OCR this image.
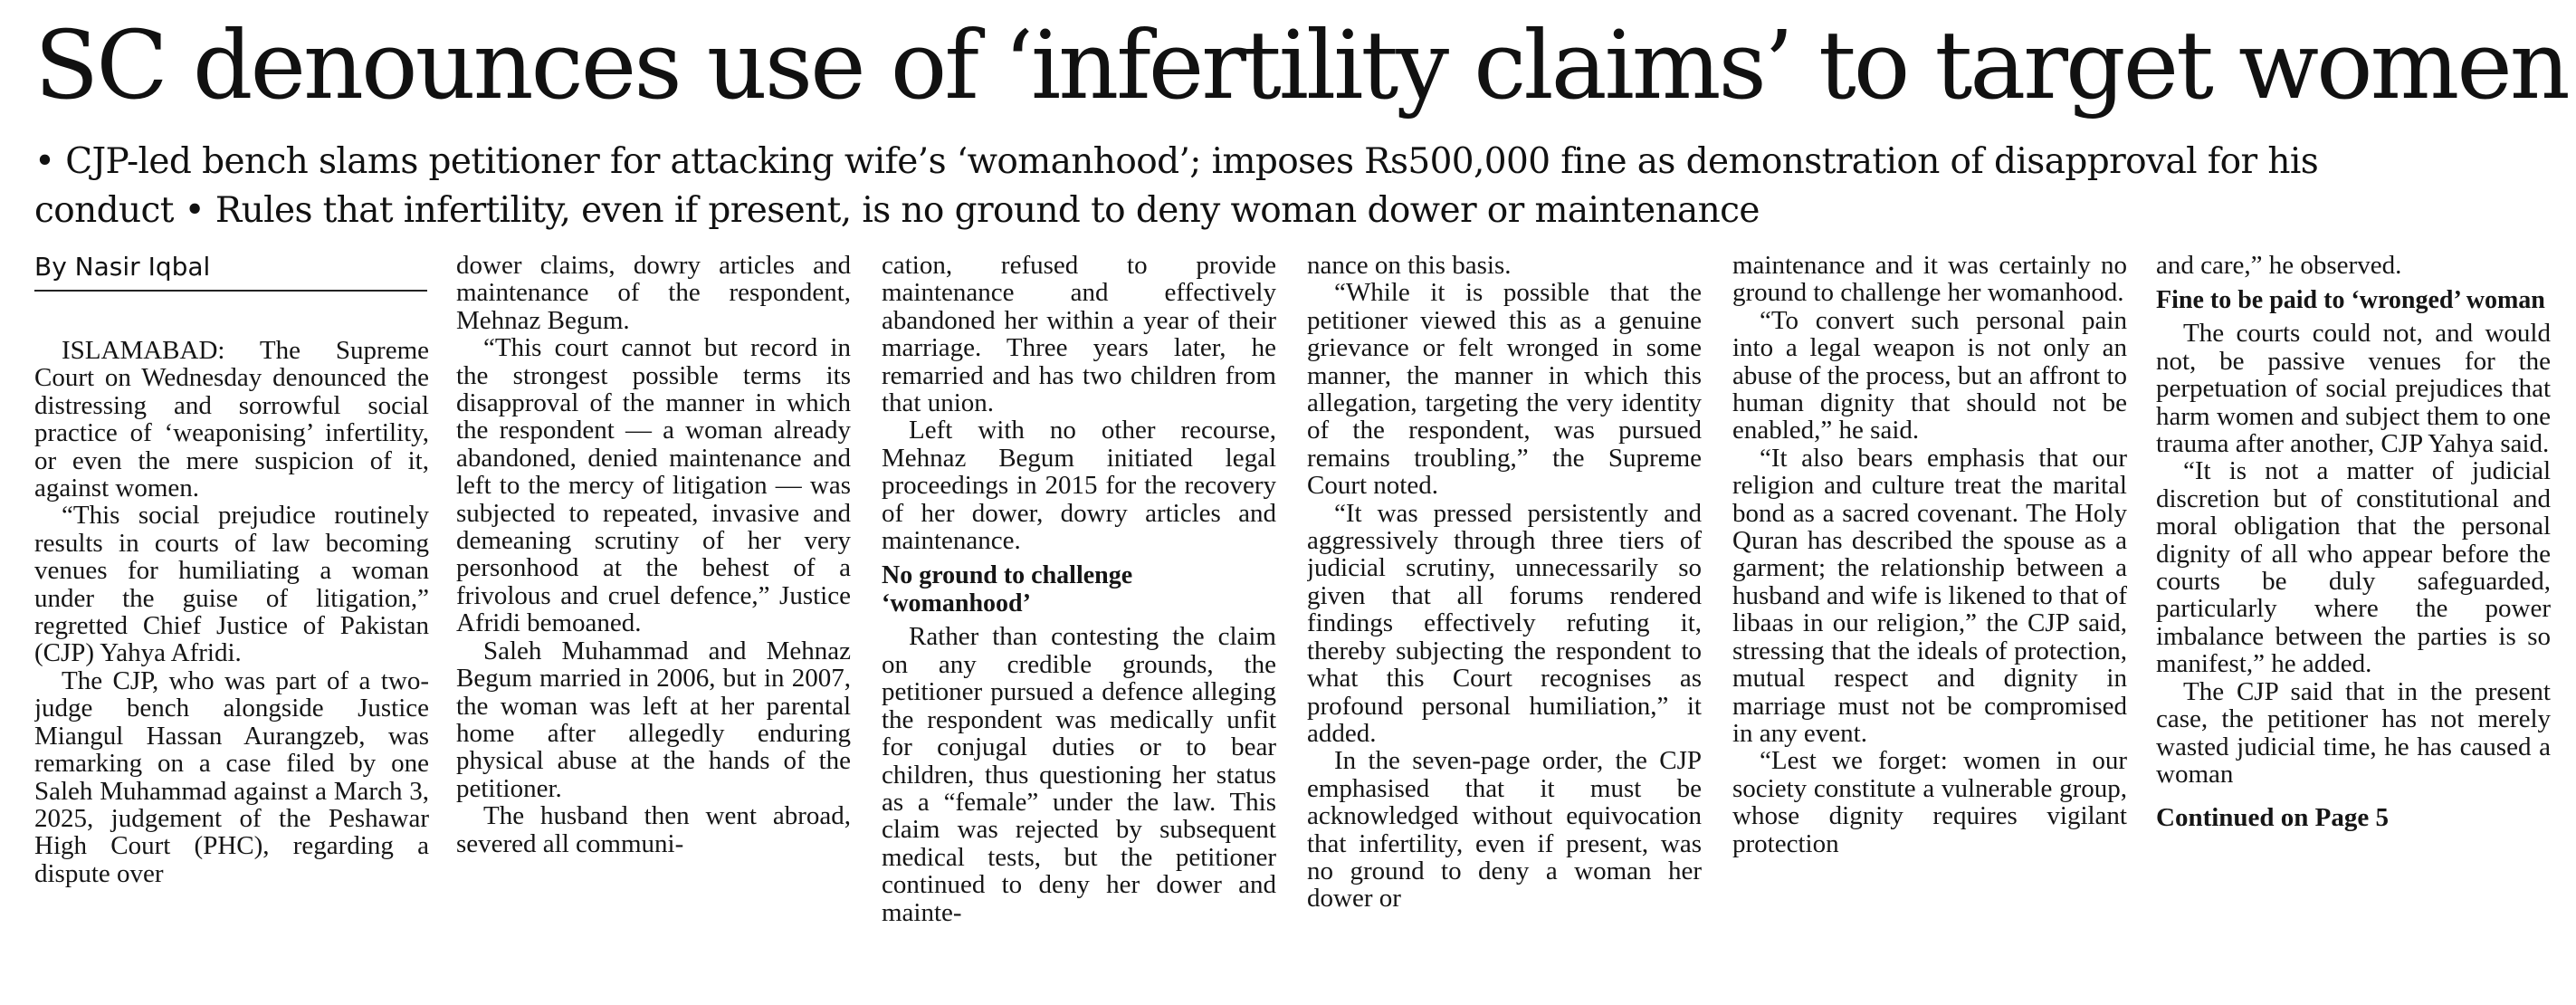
SC denounces use of ‘infertility claims’ to target women
• CJP-led bench slams petitioner for attacking wife’s ‘womanhood’; imposes Rs500,000 fine as demonstration of disapproval for his
conduct • Rules that infertility, even if present, is no ground to deny woman dower or maintenance
By Nasir Iqbal

ISLAMABAD: The Supreme Court on Wednesday denounced the distressing and sorrowful social practice of ‘weaponising’ infertility, or even the mere suspicion of it, against women.

“This social prejudice routinely results in courts of law becoming venues for humiliating a woman under the guise of litigation,” regretted Chief Justice of Pakistan (CJP) Yahya Afridi.

The CJP, who was part of a two-judge bench alongside Justice Miangul Hassan Aurangzeb, was remarking on a case filed by one Saleh Muhammad against a March 3, 2025, judgement of the Peshawar High Court (PHC), regarding a dispute over

dower claims, dowry articles and maintenance of the respondent, Mehnaz Begum.

“This court cannot but record in the strongest possible terms its disapproval of the manner in which the respondent — a woman already abandoned, denied maintenance and left to the mercy of litigation — was subjected to repeated, invasive and demeaning scrutiny of her very personhood at the behest of a frivolous and cruel defence,” Justice Afridi bemoaned.

Saleh Muhammad and Mehnaz Begum married in 2006, but in 2007, the woman was left at her parental home after allegedly enduring physical abuse at the hands of the petitioner.

The husband then went abroad, severed all communi-

cation, refused to provide maintenance and effectively abandoned her within a year of their marriage. Three years later, he remarried and has two children from that union.

Left with no other recourse, Mehnaz Begum initiated legal proceedings in 2015 for the recovery of her dower, dowry articles and maintenance.

No ground to challenge ‘womanhood’

Rather than contesting the claim on any credible grounds, the petitioner pursued a defence alleging the respondent was medically unfit for conjugal duties or to bear children, thus questioning her status as a “female” under the law. This claim was rejected by subsequent medical tests, but the petitioner continued to deny her dower and mainte-

nance on this basis.

“While it is possible that the petitioner viewed this as a genuine grievance or felt wronged in some manner, the manner in which this allegation, targeting the very identity of the respondent, was pursued remains troubling,” the Supreme Court noted.

“It was pressed persistently and aggressively through three tiers of judicial scrutiny, unnecessarily so given that all forums rendered findings effectively refuting it, thereby subjecting the respondent to what this Court recognises as profound personal humiliation,” it added.

In the seven-page order, the CJP emphasised that it must be acknowledged without equivocation that infertility, even if present, was no ground to deny a woman her dower or

maintenance and it was certainly no ground to challenge her womanhood.

“To convert such personal pain into a legal weapon is not only an abuse of the process, but an affront to human dignity that should not be enabled,” he said.

“It also bears emphasis that our religion and culture treat the marital bond as a sacred covenant. The Holy Quran has described the spouse as a garment; the relationship between a husband and wife is likened to that of libaas in our religion,” the CJP said, stressing that the ideals of protection, mutual respect and dignity in marriage must not be compromised in any event.

“Lest we forget: women in our society constitute a vulnerable group, whose dignity requires vigilant protection

and care,” he observed.

Fine to be paid to ‘wronged’ woman

The courts could not, and would not, be passive venues for the perpetuation of social prejudices that harm women and subject them to one trauma after another, CJP Yahya said.

“It is not a matter of judicial discretion but of constitutional and moral obligation that the personal dignity of all who appear before the courts be duly safeguarded, particularly where the power imbalance between the parties is so manifest,” he added.

The CJP said that in the present case, the petitioner has not merely wasted judicial time, he has caused a woman

Continued on Page 5
